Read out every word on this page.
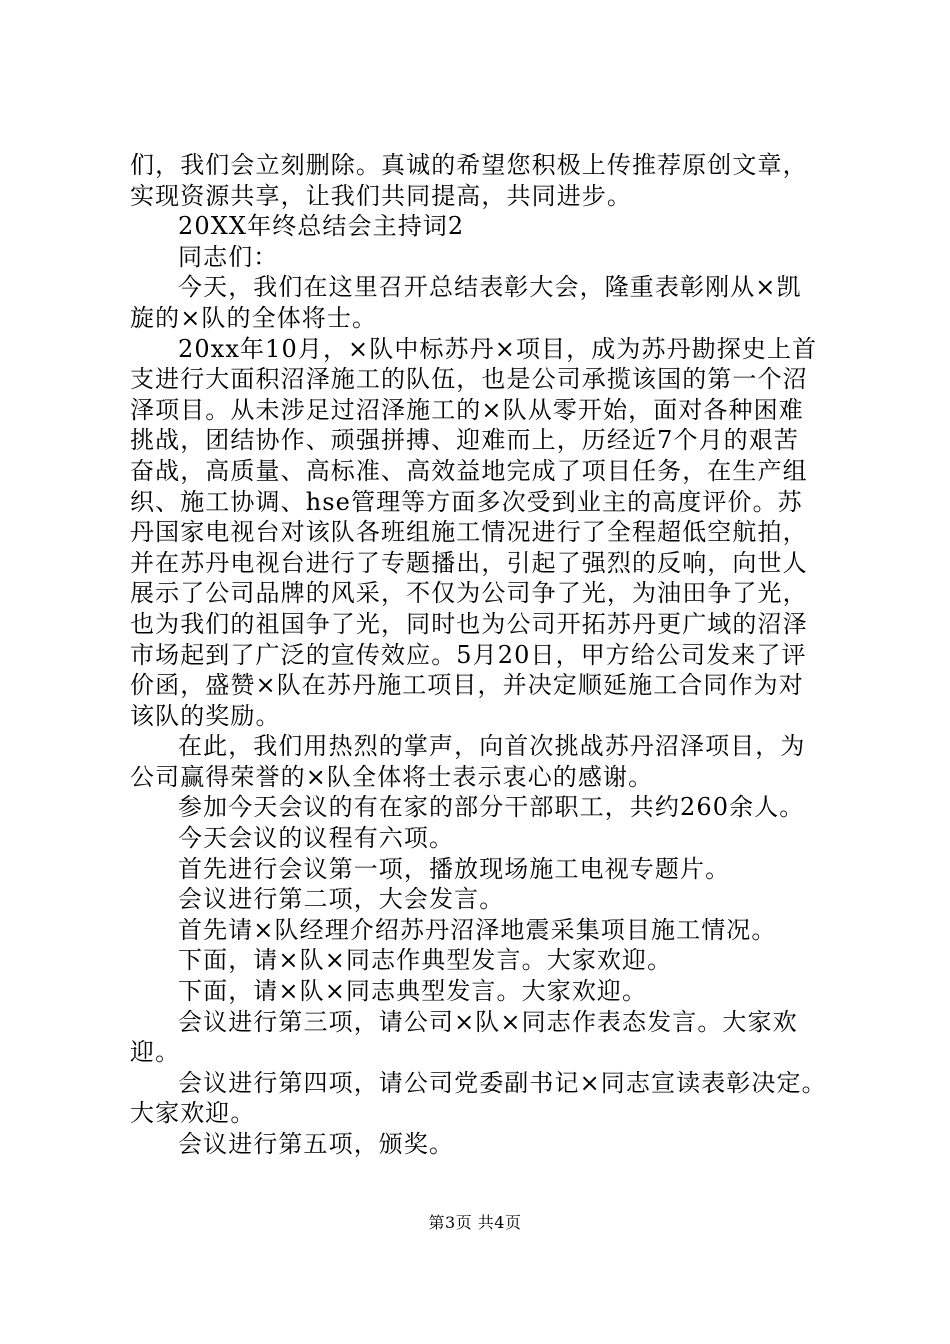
们，我们会立刻删除。真诚的希望您积极上传推荐原创文章，

实现资源共享，让我们共同提高，共同进步。

20XX年终总结会主持词2

同志们：

今天，我们在这里召开总结表彰大会，隆重表彰刚从×凯

旋的×队的全体将士。

20xx年10月，×队中标苏丹×项目，成为苏丹勘探史上首

支进行大面积沼泽施工的队伍，也是公司承揽该国的第一个沼

泽项目。从未涉足过沼泽施工的×队从零开始，面对各种困难

挑战，团结协作、顽强拼搏、迎难而上，历经近7个月的艰苦

奋战，高质量、高标准、高效益地完成了项目任务，在生产组

织、施工协调、hse管理等方面多次受到业主的高度评价。苏

丹国家电视台对该队各班组施工情况进行了全程超低空航拍，

并在苏丹电视台进行了专题播出，引起了强烈的反响，向世人

展示了公司品牌的风采，不仅为公司争了光，为油田争了光，

也为我们的祖国争了光，同时也为公司开拓苏丹更广域的沼泽

市场起到了广泛的宣传效应。5月20日，甲方给公司发来了评

价函，盛赞×队在苏丹施工项目，并决定顺延施工合同作为对

该队的奖励。

在此，我们用热烈的掌声，向首次挑战苏丹沼泽项目，为

公司赢得荣誉的×队全体将士表示衷心的感谢。

参加今天会议的有在家的部分干部职工，共约260余人。

今天会议的议程有六项。

首先进行会议第一项，播放现场施工电视专题片。

会议进行第二项，大会发言。

首先请×队经理介绍苏丹沼泽地震采集项目施工情况。

下面，请×队×同志作典型发言。大家欢迎。

下面，请×队×同志典型发言。大家欢迎。

会议进行第三项，请公司×队×同志作表态发言。大家欢

迎。

会议进行第四项，请公司党委副书记×同志宣读表彰决定。

大家欢迎。

会议进行第五项，颁奖。

第3页 共4页
